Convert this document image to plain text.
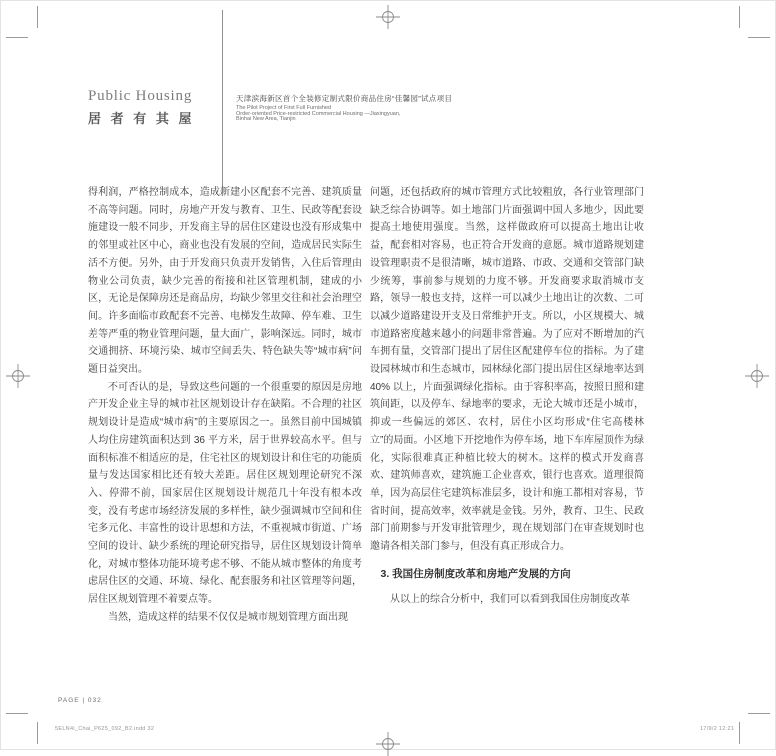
Public Housing
居 者 有 其 屋
天津滨海新区首个全装修定制式限价商品住房“佳馨园”试点项目
The Pilot Project of First Full Furnished
Order-oriented Price-restricted Commercial Housing —Jiaxingyuan,
Binhai New Area, Tianjin

得利润，严格控制成本，造成新建小区配套不完善、建筑质量不高等问题。同时，房地产开发与教育、卫生、民政等配套设施建设一般不同步，开发商主导的居住区建设也没有形成集中的邻里或社区中心，商业也没有发展的空间，造成居民实际生活不方便。另外，由于开发商只负责开发销售，入住后管理由物业公司负责，缺少完善的衔接和社区管理机制，建成的小区，无论是保障房还是商品房，均缺少邻里交往和社会治理空间。许多面临市政配套不完善、电梯发生故障、停车难、卫生差等严重的物业管理问题，量大面广，影响深远。同时，城市交通拥挤、环境污染、城市空间丢失、特色缺失等“城市病”问题日益突出。

不可否认的是，导致这些问题的一个很重要的原因是房地产开发企业主导的城市社区规划设计存在缺陷。不合理的社区规划设计是造成“城市病”的主要原因之一。虽然目前中国城镇人均住房建筑面积达到 36 平方米，居于世界较高水平。但与面积标准不相适应的是，住宅社区的规划设计和住宅的功能质量与发达国家相比还有较大差距。居住区规划理论研究不深入、停滞不前，国家居住区规划设计规范几十年没有根本改变，没有考虑市场经济发展的多样性，缺少强调城市空间和住宅多元化、丰富性的设计思想和方法，不重视城市街道、广场空间的设计、缺少系统的理论研究指导，居住区规划设计简单化，对城市整体功能环境考虑不够、不能从城市整体的角度考虑居住区的交通、环境、绿化、配套服务和社区管理等问题，居住区规划管理不着要点等。

当然，造成这样的结果不仅仅是城市规划管理方面出现

问题，还包括政府的城市管理方式比较粗放，各行业管理部门缺乏综合协调等。如土地部门片面强调中国人多地少，因此要提高土地使用强度。当然，这样做政府可以提高土地出让收益，配套相对容易，也正符合开发商的意愿。城市道路规划建设管理职责不是很清晰，城市道路、市政、交通和交管部门缺少统筹，事前参与规划的力度不够。开发商要求取消城市支路，领导一般也支持，这样一可以减少土地出让的次数、二可以减少道路建设开支及日常维护开支。所以，小区规模大、城市道路密度越来越小的问题非常普遍。为了应对不断增加的汽车拥有量，交管部门提出了居住区配建停车位的指标。为了建设园林城市和生态城市，园林绿化部门提出居住区绿地率达到 40% 以上，片面强调绿化指标。由于容积率高，按照日照和建筑间距，以及停车、绿地率的要求，无论大城市还是小城市，抑或一些偏远的郊区、农村，居住小区均形成“住宅高楼林立”的局面。小区地下开挖地作为停车场，地下车库屋顶作为绿化，实际很难真正种植比较大的树木。这样的模式开发商喜欢、建筑师喜欢，建筑施工企业喜欢，银行也喜欢。道理很简单，因为高层住宅建筑标准层多，设计和施工都相对容易，节省时间，提高效率，效率就是金钱。另外，教育、卫生、民政部门前期参与开发审批管理少，现在规划部门在审查规划时也邀请各相关部门参与，但没有真正形成合力。

3. 我国住房制度改革和房地产发展的方向

从以上的综合分析中，我们可以看到我国住房制度改革

PAGE | 032
5ELN4i_Chai_P625_092_B2.indd 32	17/9/2 12:21
